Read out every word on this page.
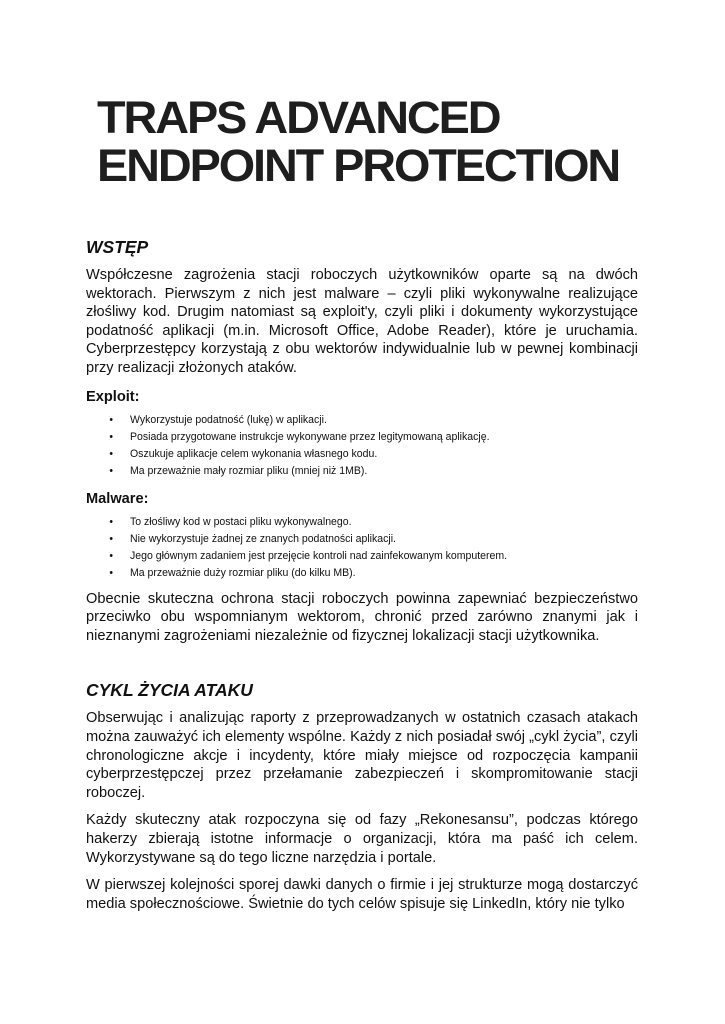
TRAPS ADVANCED
ENDPOINT PROTECTION
WSTĘP

Współczesne zagrożenia stacji roboczych użytkowników oparte są na dwóch wektorach. Pierwszym z nich jest malware – czyli pliki wykonywalne realizujące złośliwy kod. Drugim natomiast są exploit'y, czyli pliki i dokumenty wykorzystujące podatność aplikacji (m.in. Microsoft Office, Adobe Reader), które je uruchamia. Cyberprzestępcy korzystają z obu wektorów indywidualnie lub w pewnej kombinacji przy realizacji złożonych ataków.

Exploit:
• Wykorzystuje podatność (lukę) w aplikacji.
• Posiada przygotowane instrukcje wykonywane przez legitymowaną aplikację.
• Oszukuje aplikacje celem wykonania własnego kodu.
• Ma przeważnie mały rozmiar pliku (mniej niż 1MB).
Malware:
• To złośliwy kod w postaci pliku wykonywalnego.
• Nie wykorzystuje żadnej ze znanych podatności aplikacji.
• Jego głównym zadaniem jest przejęcie kontroli nad zainfekowanym komputerem.
• Ma przeważnie duży rozmiar pliku (do kilku MB).

Obecnie skuteczna ochrona stacji roboczych powinna zapewniać bezpieczeństwo przeciwko obu wspomnianym wektorom, chronić przed zarówno znanymi jak i nieznanymi zagrożeniami niezależnie od fizycznej lokalizacji stacji użytkownika.

CYKL ŻYCIA ATAKU

Obserwując i analizując raporty z przeprowadzanych w ostatnich czasach atakach można zauważyć ich elementy wspólne. Każdy z nich posiadał swój „cykl życia”, czyli chronologiczne akcje i incydenty, które miały miejsce od rozpoczęcia kampanii cyberprzestępczej przez przełamanie zabezpieczeń i skompromitowanie stacji roboczej.

Każdy skuteczny atak rozpoczyna się od fazy „Rekonesansu”, podczas którego hakerzy zbierają istotne informacje o organizacji, która ma paść ich celem. Wykorzystywane są do tego liczne narzędzia i portale.

W pierwszej kolejności sporej dawki danych o firmie i jej strukturze mogą dostarczyć media społecznościowe. Świetnie do tych celów spisuje się LinkedIn, który nie tylko
